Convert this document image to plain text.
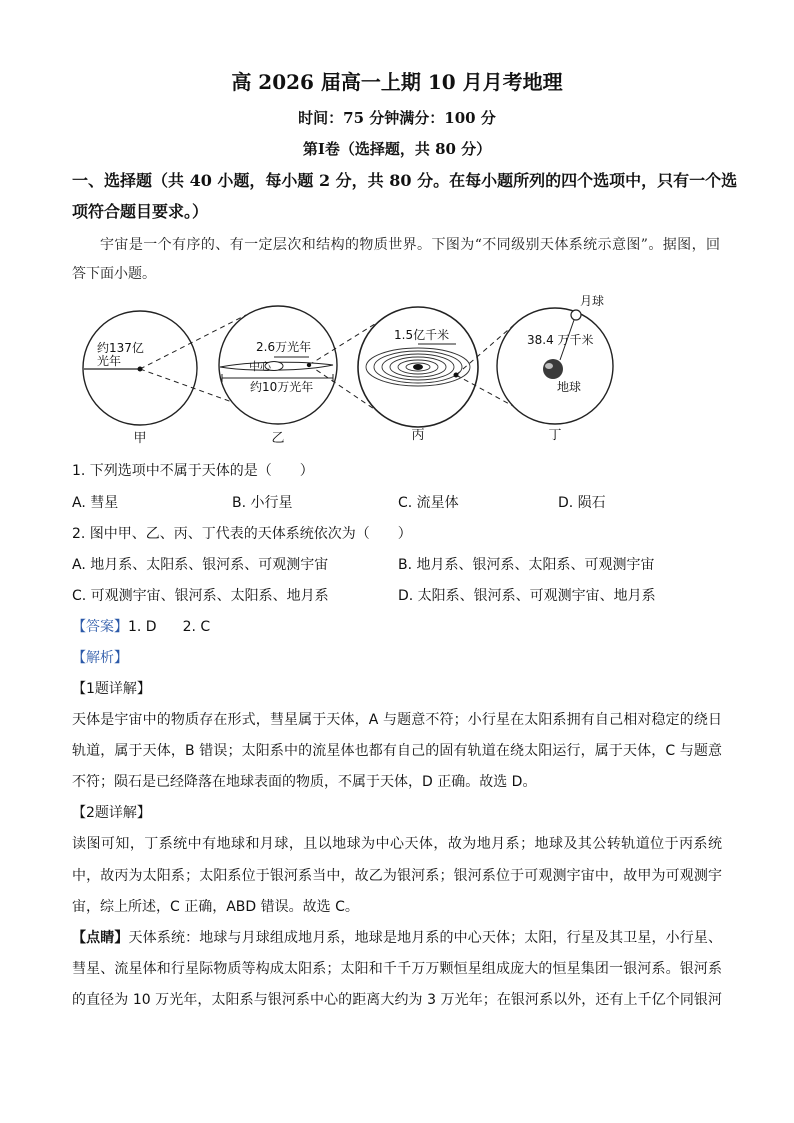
高 2026 届高一上期 10 月月考地理
时间：75 分钟满分：100 分
第Ⅰ卷（选择题，共 80 分）
一、选择题（共 40 小题，每小题 2 分，共 80 分。在每小题所列的四个选项中，只有一个选
项符合题目要求。）
宇宙是一个有序的、有一定层次和结构的物质世界。下图为“不同级别天体系统示意图”。据图，回
答下面小题。
约137亿
光年
甲
2.6万光年
中心
约10万光年
乙
1.5亿千米
丙
月球
38.4 万千米
地球
丁
1. 下列选项中不属于天体的是（　　）
A. 彗星	B. 小行星	C. 流星体	D. 陨石
2. 图中甲、乙、丙、丁代表的天体系统依次为（　　）
A. 地月系、太阳系、银河系、可观测宇宙	B. 地月系、银河系、太阳系、可观测宇宙
C. 可观测宇宙、银河系、太阳系、地月系	D. 太阳系、银河系、可观测宇宙、地月系
【答案】1. D 2. C
【解析】
【1题详解】
天体是宇宙中的物质存在形式，彗星属于天体，A 与题意不符；小行星在太阳系拥有自己相对稳定的绕日
轨道，属于天体，B 错误；太阳系中的流星体也都有自己的固有轨道在绕太阳运行，属于天体，C 与题意
不符；陨石是已经降落在地球表面的物质，不属于天体，D 正确。故选 D。
【2题详解】
读图可知，丁系统中有地球和月球，且以地球为中心天体，故为地月系；地球及其公转轨道位于丙系统
中，故丙为太阳系；太阳系位于银河系当中，故乙为银河系；银河系位于可观测宇宙中，故甲为可观测宇
宙，综上所述，C 正确，ABD 错误。故选 C。
【点睛】天体系统：地球与月球组成地月系，地球是地月系的中心天体；太阳，行星及其卫星，小行星、
彗星、流星体和行星际物质等构成太阳系；太阳和千千万万颗恒星组成庞大的恒星集团一银河系。银河系
的直径为 10 万光年，太阳系与银河系中心的距离大约为 3 万光年；在银河系以外，还有上千亿个同银河
